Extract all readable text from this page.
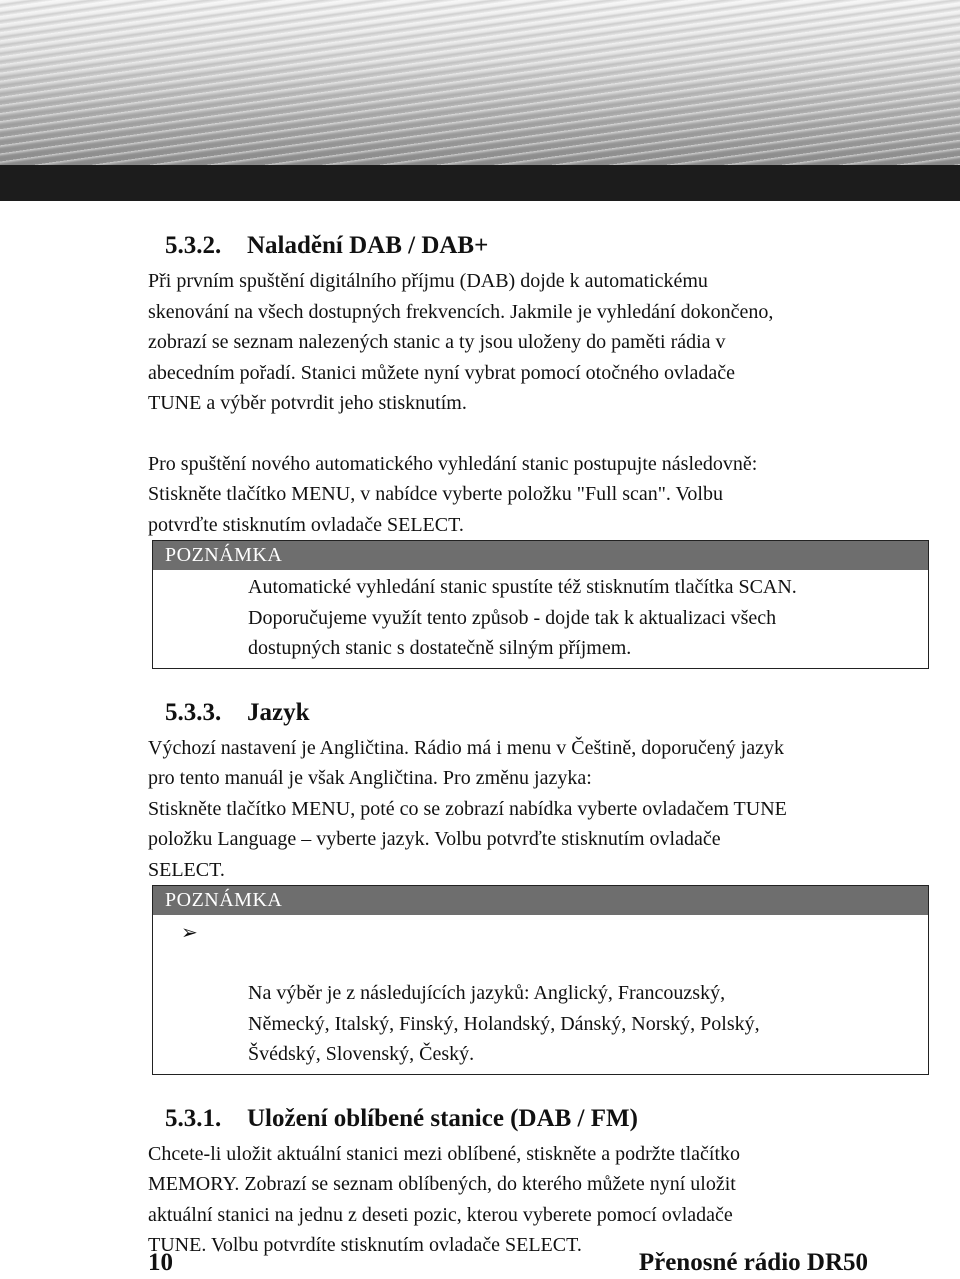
5.3.2. Naladění DAB / DAB+

Při prvním spuštění digitálního příjmu (DAB) dojde k automatickému
skenování na všech dostupných frekvencích. Jakmile je vyhledání dokončeno,
zobrazí se seznam nalezených stanic a ty jsou uloženy do paměti rádia v
abecedním pořadí. Stanici můžete nyní vybrat pomocí otočného ovladače
TUNE a výběr potvrdit jeho stisknutím.

Pro spuštění nového automatického vyhledání stanic postupujte následovně:
Stiskněte tlačítko MENU, v nabídce vyberte položku "Full scan". Volbu
potvrďte stisknutím ovladače SELECT.

POZNÁMKA
Automatické vyhledání stanic spustíte též stisknutím tlačítka SCAN.
Doporučujeme využít tento způsob - dojde tak k aktualizaci všech
dostupných stanic s dostatečně silným příjmem.
5.3.3. Jazyk

Výchozí nastavení je Angličtina. Rádio má i menu v Češtině, doporučený jazyk
pro tento manuál je však Angličtina. Pro změnu jazyka:
Stiskněte tlačítko MENU, poté co se zobrazí nabídka vyberte ovladačem TUNE
položku Language – vyberte jazyk. Volbu potvrďte stisknutím ovladače
SELECT.

POZNÁMKA

➢

Na výběr je z následujících jazyků: Anglický, Francouzský,
Německý, Italský, Finský, Holandský, Dánský, Norský, Polský,
Švédský, Slovenský, Český.

5.3.1. Uložení oblíbené stanice (DAB / FM)

Chcete-li uložit aktuální stanici mezi oblíbené, stiskněte a podržte tlačítko
MEMORY. Zobrazí se seznam oblíbených, do kterého můžete nyní uložit
aktuální stanici na jednu z deseti pozic, kterou vyberete pomocí ovladače
TUNE. Volbu potvrdíte stisknutím ovladače SELECT.

10	Přenosné rádio DR50
